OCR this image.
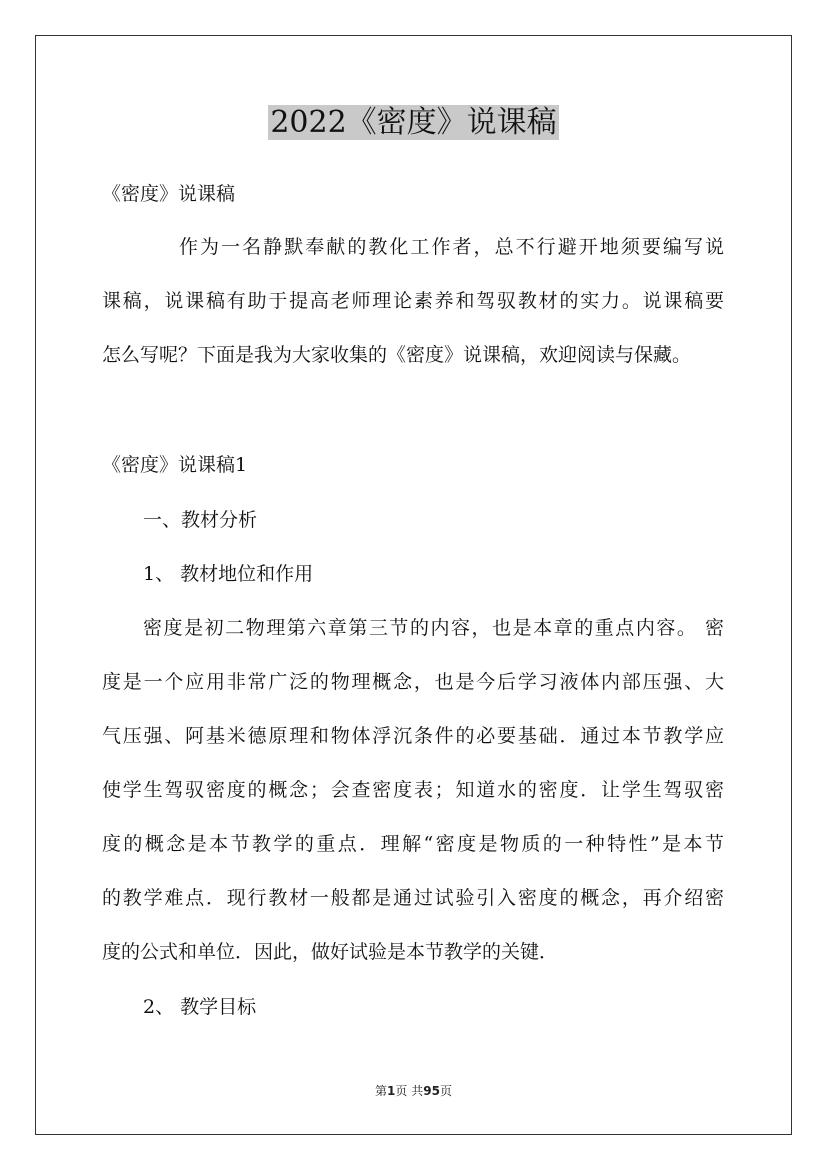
2022《密度》说课稿
《密度》说课稿
作为一名静默奉献的教化工作者，总不行避开地须要编写说
课稿，说课稿有助于提高老师理论素养和驾驭教材的实力。说课稿要
怎么写呢？下面是我为大家收集的《密度》说课稿，欢迎阅读与保藏。
《密度》说课稿1
一、教材分析
1、 教材地位和作用
密度是初二物理第六章第三节的内容，也是本章的重点内容。 密
度是一个应用非常广泛的物理概念，也是今后学习液体内部压强、大
气压强、阿基米德原理和物体浮沉条件的必要基础．通过本节教学应
使学生驾驭密度的概念；会查密度表；知道水的密度．让学生驾驭密
度的概念是本节教学的重点．理解“密度是物质的一种特性”是本节
的教学难点．现行教材一般都是通过试验引入密度的概念，再介绍密
度的公式和单位．因此，做好试验是本节教学的关键．
2、 教学目标
第1页 共95页
